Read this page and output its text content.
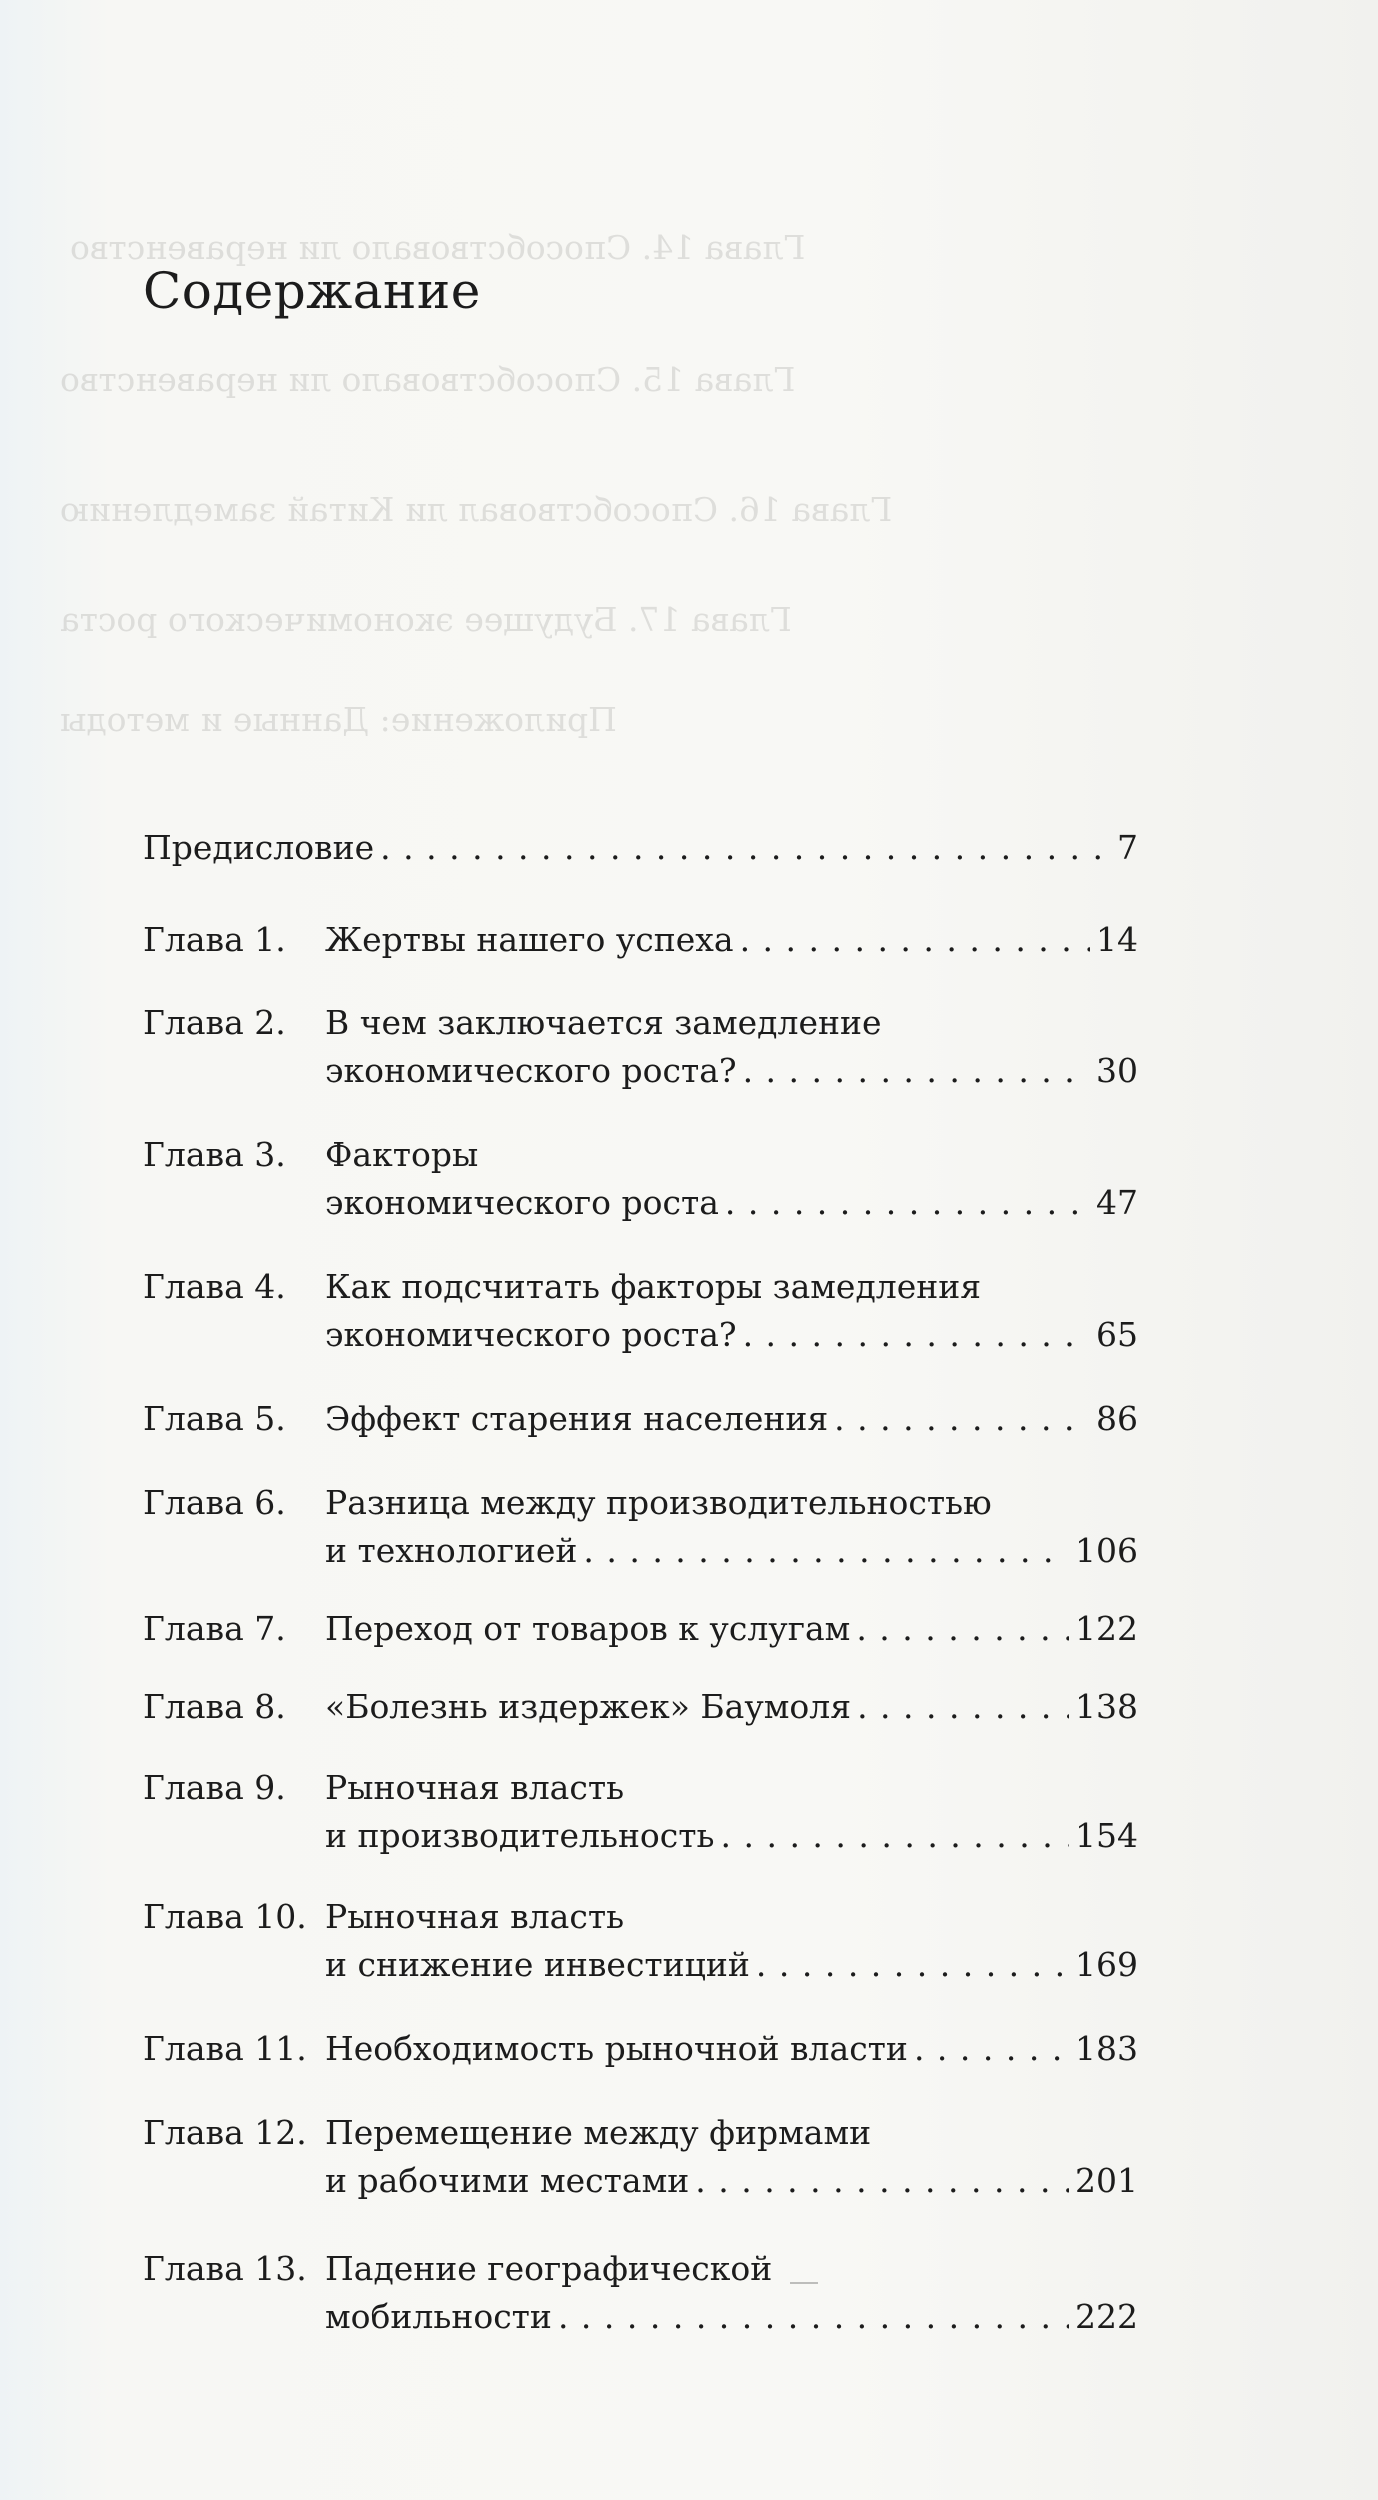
Глава 14. Способствовало ли неравенство
Глава 15. Способствовало ли неравенство
Глава 16. Способствовал ли Китай замедлению
Глава 17. Будущее экономического роста
Приложение: Данные и методы
Содержание
Предисловие . . .	7
Глава 1.	Жертвы нашего успеха . . .	14
Глава 2.	В чем заключается замедление
экономического роста? . . .	30
Глава 3.	Факторы
экономического роста . . .	47
Глава 4.	Как подсчитать факторы замедления
экономического роста? . . .	65
Глава 5.	Эффект старения населения . . .	86
Глава 6.	Разница между производительностью
и технологией . . .	106
Глава 7.	Переход от товаров к услугам . . .	122
Глава 8.	«Болезнь издержек» Баумоля . . .	138
Глава 9.	Рыночная власть
и производительность . . .	154
Глава 10. Рыночная власть
и снижение инвестиций . . .	169
Глава 11. Необходимость рыночной власти . . .	183
Глава 12. Перемещение между фирмами
и рабочими местами . . .	201
Глава 13. Падение географической
мобильности . . .	222
